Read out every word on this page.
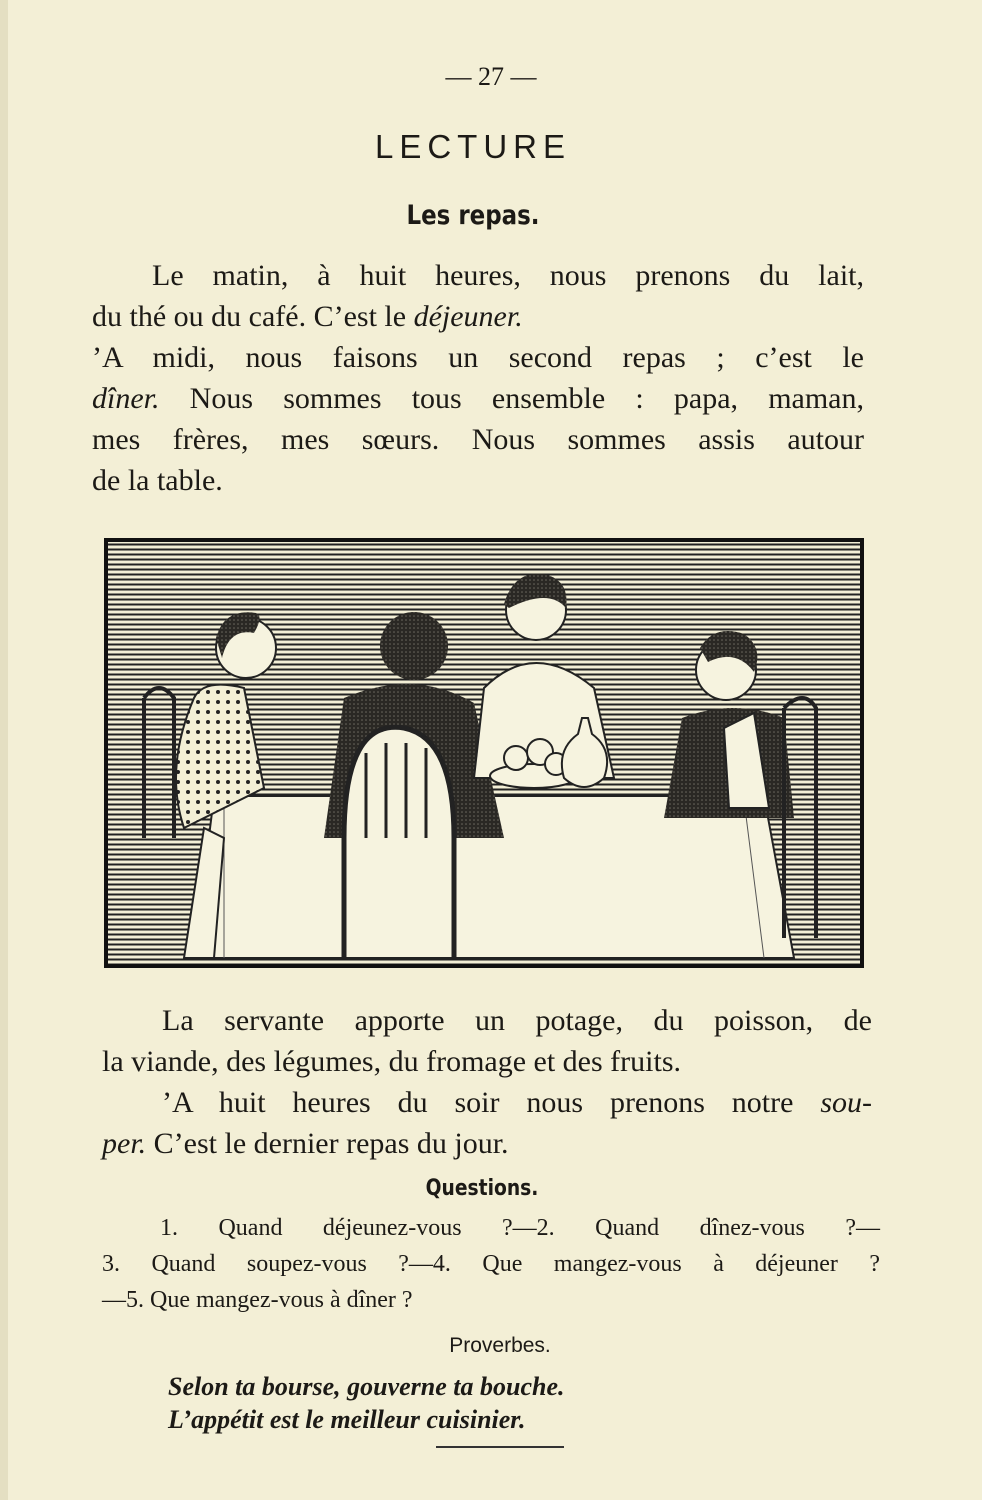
— 27 —
LECTURE
Les repas.
Le matin, à huit heures, nous prenons du lait,
du thé ou du café. C’est le déjeuner.
’A midi, nous faisons un second repas ; c’est le
dîner. Nous sommes tous ensemble : papa, maman,
mes frères, mes sœurs. Nous sommes assis autour
de la table.
La servante apporte un potage, du poisson, de
la viande, des légumes, du fromage et des fruits.
’A huit heures du soir nous prenons notre sou-
per. C’est le dernier repas du jour.
Questions.
1. Quand déjeunez-vous ?—2. Quand dînez-vous ?—
3. Quand soupez-vous ?—4. Que mangez-vous à déjeuner ?
—5. Que mangez-vous à dîner ?
Proverbes.
Selon ta bourse, gouverne ta bouche.
L’appétit est le meilleur cuisinier.
